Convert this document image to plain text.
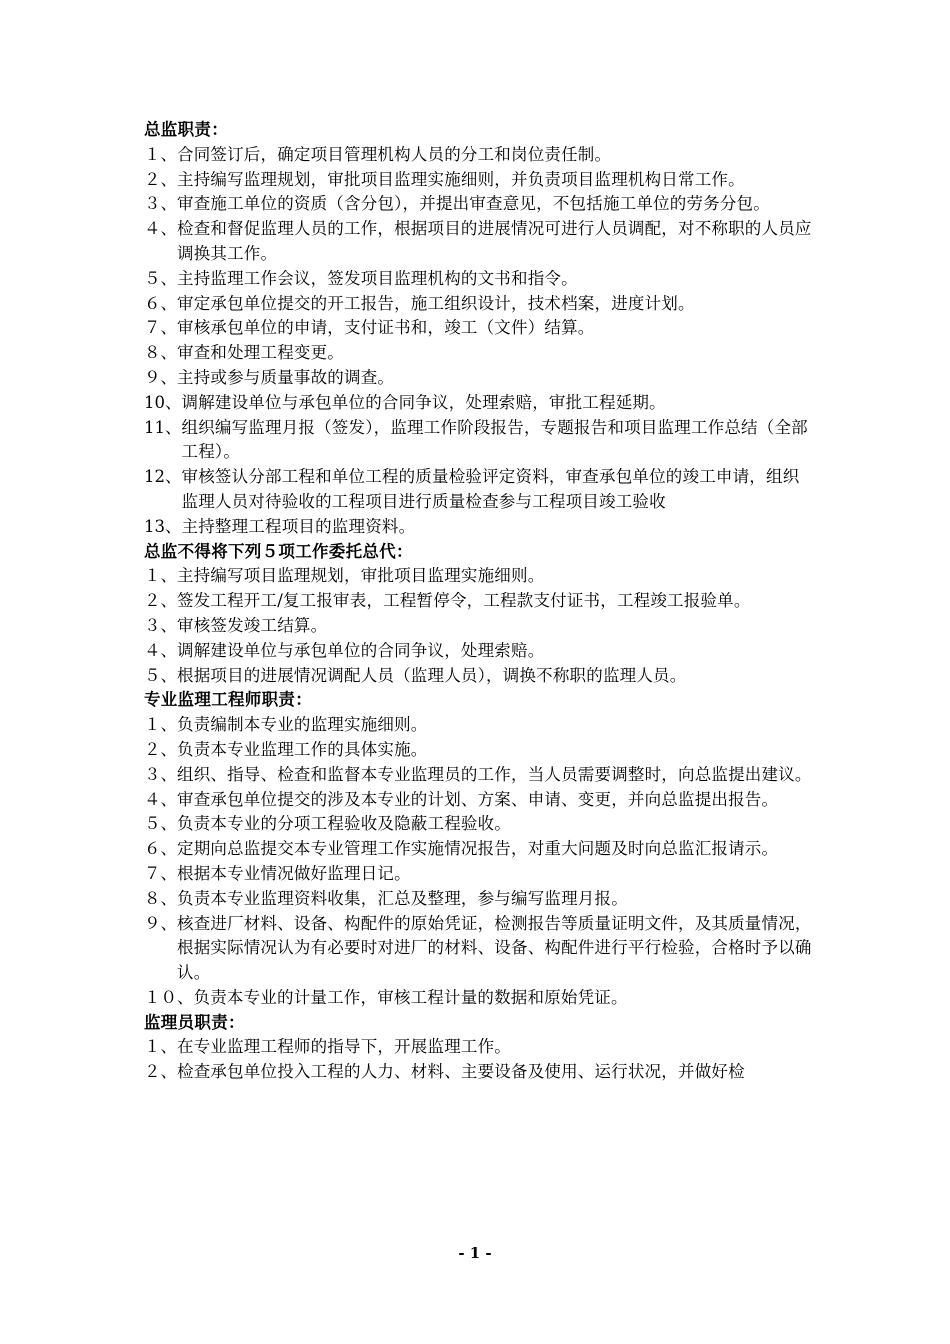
总监职责：
１、 合同签订后，确定项目管理机构人员的分工和岗位责任制。
２、 主持编写监理规划，审批项目监理实施细则，并负责项目监理机构日常工作。
３、 审查施工单位的资质（含分包），并提出审查意见，不包括施工单位的劳务分包。
４、 检查和督促监理人员的工作，根据项目的进展情况可进行人员调配，对不称职的人员应调换其工作。
５、 主持监理工作会议，签发项目监理机构的文书和指令。
６、 审定承包单位提交的开工报告，施工组织设计，技术档案，进度计划。
７、 审核承包单位的申请，支付证书和，竣工（文件）结算。
８、 审查和处理工程变更。
９、 主持或参与质量事故的调查。
10、 调解建设单位与承包单位的合同争议，处理索赔，审批工程延期。
11、 组织编写监理月报（签发），监理工作阶段报告，专题报告和项目监理工作总结（全部工程）。
12、 审核签认分部工程和单位工程的质量检验评定资料，审查承包单位的竣工申请，组织监理人员对待验收的工程项目进行质量检查参与工程项目竣工验收
13、 主持整理工程项目的监理资料。
总监不得将下列５项工作委托总代：
１、 主持编写项目监理规划，审批项目监理实施细则。
２、 签发工程开工/复工报审表，工程暂停令，工程款支付证书，工程竣工报验单。
３、 审核签发竣工结算。
４、 调解建设单位与承包单位的合同争议，处理索赔。
５、 根据项目的进展情况调配人员（监理人员），调换不称职的监理人员。
专业监理工程师职责：
１、 负责编制本专业的监理实施细则。
２、 负责本专业监理工作的具体实施。
３、 组织、指导、检查和监督本专业监理员的工作，当人员需要调整时，向总监提出建议。
４、 审查承包单位提交的涉及本专业的计划、方案、申请、变更，并向总监提出报告。
５、 负责本专业的分项工程验收及隐蔽工程验收。
６、 定期向总监提交本专业管理工作实施情况报告，对重大问题及时向总监汇报请示。
７、 根据本专业情况做好监理日记。
８、 负责本专业监理资料收集，汇总及整理，参与编写监理月报。
９、 核查进厂材料、设备、构配件的原始凭证，检测报告等质量证明文件，及其质量情况，根据实际情况认为有必要时对进厂的材料、设备、构配件进行平行检验，合格时予以确认。
１０、 负责本专业的计量工作，审核工程计量的数据和原始凭证。
监理员职责：
１、 在专业监理工程师的指导下，开展监理工作。
２、 检查承包单位投入工程的人力、材料、主要设备及使用、运行状况，并做好检
- 1 -
